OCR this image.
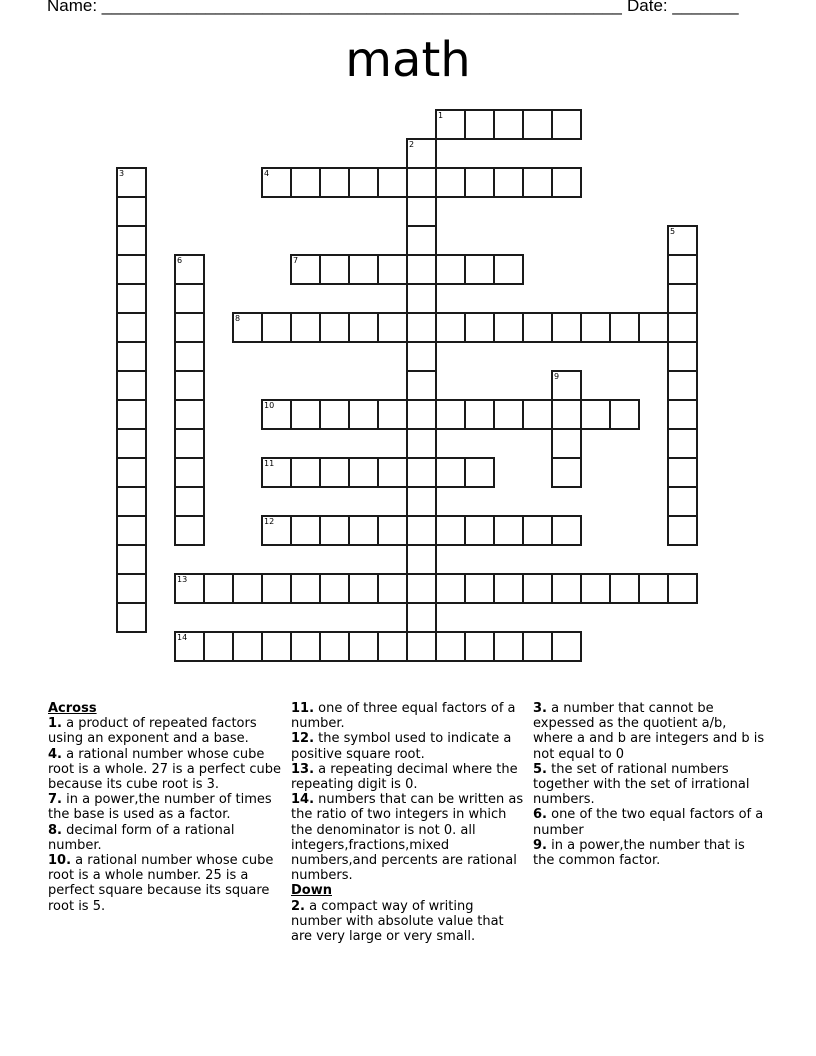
Name: _______________________________________________________ Date: _______
math
1
2
3	4
5
6	7
8
9
10
11
12
13
14
Across
1. a product of repeated factors using an exponent and a base.
4. a rational number whose cube root is a whole. 27 is a perfect cube because its cube root is 3.
7. in a power,the number of times the base is used as a factor.
8. decimal form of a rational number.
10. a rational number whose cube root is a whole number. 25 is a perfect square because its square root is 5.
11. one of three equal factors of a number.
12. the symbol used to indicate a positive square root.
13. a repeating decimal where the repeating digit is 0.
14. numbers that can be written as the ratio of two integers in which the denominator is not 0. all integers,fractions,mixed numbers,and percents are rational numbers.
Down
2. a compact way of writing number with absolute value that are very large or very small.
3. a number that cannot be expessed as the quotient a/b, where a and b are integers and b is not equal to 0
5. the set of rational numbers together with the set of irrational numbers.
6. one of the two equal factors of a number
9. in a power,the number that is the common factor.
